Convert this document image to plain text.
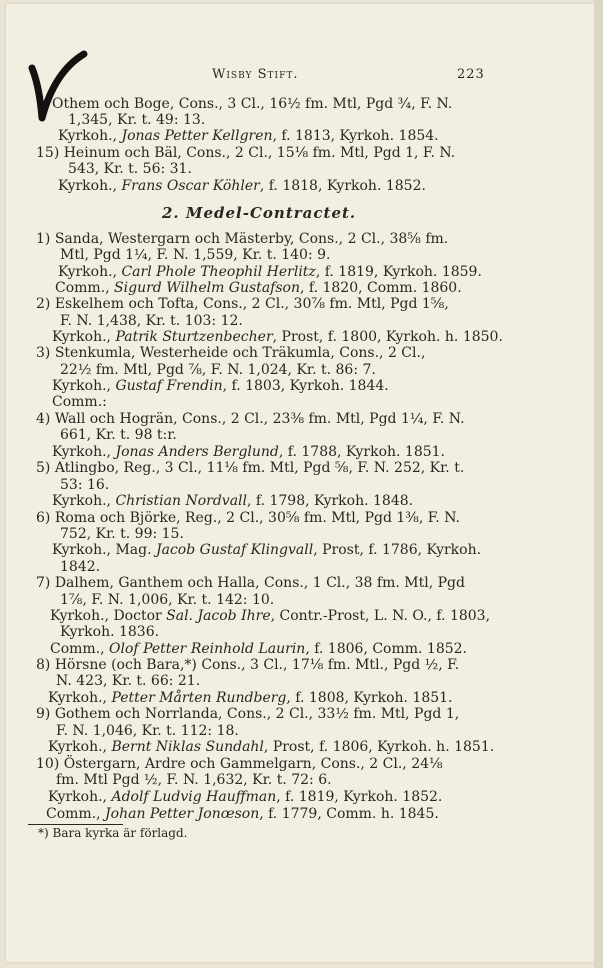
Wisby Stift.	223
2. Medel-Contractet.
Othem och Boge, Cons., 3 Cl., 16½ fm. Mtl, Pgd ¾, F. N.
1,345, Kr. t. 49: 13.
Kyrkoh., Jonas Petter Kellgren, f. 1813, Kyrkoh. 1854.
15) Heinum och Bäl, Cons., 2 Cl., 15⅛ fm. Mtl, Pgd 1, F. N.
543, Kr. t. 56: 31.
Kyrkoh., Frans Oscar Köhler, f. 1818, Kyrkoh. 1852.
1) Sanda, Westergarn och Mästerby, Cons., 2 Cl., 38⅝ fm.
Mtl, Pgd 1¼, F. N. 1,559, Kr. t. 140: 9.
Kyrkoh., Carl Phole Theophil Herlitz, f. 1819, Kyrkoh. 1859.
Comm., Sigurd Wilhelm Gustafson, f. 1820, Comm. 1860.
2) Eskelhem och Tofta, Cons., 2 Cl., 30⅞ fm. Mtl, Pgd 1⅝,
F. N. 1,438, Kr. t. 103: 12.
Kyrkoh., Patrik Sturtzenbecher, Prost, f. 1800, Kyrkoh. h. 1850.
3) Stenkumla, Westerheide och Träkumla, Cons., 2 Cl.,
22½ fm. Mtl, Pgd ⅞, F. N. 1,024, Kr. t. 86: 7.
Kyrkoh., Gustaf Frendin, f. 1803, Kyrkoh. 1844.
Comm.:
4) Wall och Hogrän, Cons., 2 Cl., 23⅜ fm. Mtl, Pgd 1¼, F. N.
661, Kr. t. 98 t:r.
Kyrkoh., Jonas Anders Berglund, f. 1788, Kyrkoh. 1851.
5) Atlingbo, Reg., 3 Cl., 11⅛ fm. Mtl, Pgd ⅝, F. N. 252, Kr. t.
53: 16.
Kyrkoh., Christian Nordvall, f. 1798, Kyrkoh. 1848.
6) Roma och Björke, Reg., 2 Cl., 30⅝ fm. Mtl, Pgd 1⅜, F. N.
752, Kr. t. 99: 15.
Kyrkoh., Mag. Jacob Gustaf Klingvall, Prost, f. 1786, Kyrkoh.
1842.
7) Dalhem, Ganthem och Halla, Cons., 1 Cl., 38 fm. Mtl, Pgd
1⅞, F. N. 1,006, Kr. t. 142: 10.
Kyrkoh., Doctor Sal. Jacob Ihre, Contr.-Prost, L. N. O., f. 1803,
Kyrkoh. 1836.
Comm., Olof Petter Reinhold Laurin, f. 1806, Comm. 1852.
8) Hörsne (och Bara,*) Cons., 3 Cl., 17⅛ fm. Mtl., Pgd ½, F.
N. 423, Kr. t. 66: 21.
Kyrkoh., Petter Mårten Rundberg, f. 1808, Kyrkoh. 1851.
9) Gothem och Norrlanda, Cons., 2 Cl., 33½ fm. Mtl, Pgd 1,
F. N. 1,046, Kr. t. 112: 18.
Kyrkoh., Bernt Niklas Sundahl, Prost, f. 1806, Kyrkoh. h. 1851.
10) Östergarn, Ardre och Gammelgarn, Cons., 2 Cl., 24⅛
fm. Mtl Pgd ½, F. N. 1,632, Kr. t. 72: 6.
Kyrkoh., Adolf Ludvig Hauffman, f. 1819, Kyrkoh. 1852.
Comm., Johan Petter Jonœson, f. 1779, Comm. h. 1845.
*) Bara kyrka är förlagd.
